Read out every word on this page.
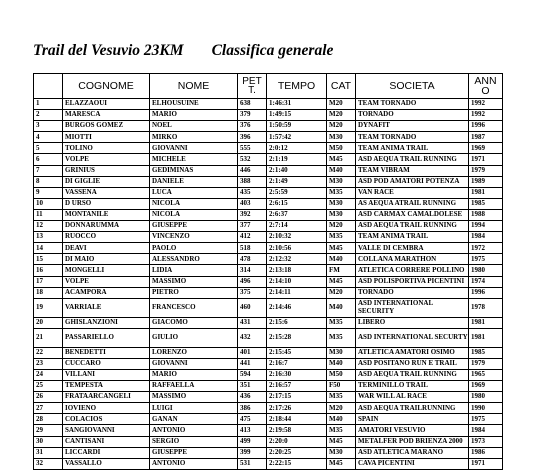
Trail del Vesuvio 23KM Classifica generale
	COGNOME	NOME	PET T.	TEMPO	CAT	SOCIETA	ANN O
1	ELAZZAOUI	ELHOUSUINE	638	1:46:31	M20	TEAM TORNADO	1992
2	MARESCA	MARIO	379	1:49:15	M20	TORNADO	1992
3	BURGOS GOMEZ	NOEL	376	1:50:59	M20	DYNAFIT	1996
4	MIOTTI	MIRKO	396	1:57:42	M30	TEAM TORNADO	1987
5	TOLINO	GIOVANNI	555	2:0:12	M50	TEAM ANIMA TRAIL	1969
6	VOLPE	MICHELE	532	2:1:19	M45	ASD AEQUA TRAIL RUNNING	1971
7	GRINIUS	GEDIMINAS	446	2:1:40	M40	TEAM VIBRAM	1979
8	DI GIGLIE	DANIELE	388	2:1:49	M30	ASD POD AMATORI POTENZA	1989
9	VASSENA	LUCA	435	2:5:59	M35	VAN RACE	1981
10	D URSO	NICOLA	403	2:6:15	M30	AS AEQUA ATRAIL RUNNING	1985
11	MONTANILE	NICOLA	392	2:6:37	M30	ASD CARMAX CAMALDOLESE	1988
12	DONNARUMMA	GIUSEPPE	377	2:7:14	M20	ASD AEQUA TRAIL RUNNING	1994
13	RUOCCO	VINCENZO	412	2:10:32	M35	TEAM ANIMA TRAIL	1984
14	DEAVI	PAOLO	518	2:10:56	M45	VALLE DI CEMBRA	1972
15	DI MAIO	ALESSANDRO	478	2:12:32	M40	COLLANA MARATHON	1975
16	MONGELLI	LIDIA	314	2:13:18	FM	ATLETICA CORRERE POLLINO	1980
17	VOLPE	MASSIMO	496	2:14:10	M45	ASD POLISPORTIVA PICENTINI	1974
18	ACAMPORA	PIETRO	375	2:14:11	M20	TORNADO	1996
19	VARRIALE	FRANCESCO	460	2:14:46	M40	ASD INTERNATIONAL SECURITY	1978
20	GHISLANZIONI	GIACOMO	431	2:15:6	M35	LIBERO	1981
21	PASSARIELLO	GIULIO	432	2:15:28	M35	ASD INTERNATIONAL SECURTY	1981
22	BENEDETTI	LORENZO	401	2:15:45	M30	ATLETICA AMATORI OSIMO	1985
23	CUCCARO	GIOVANNI	441	2:16:7	M40	ASD POSITANO RUN E TRAIL	1979
24	VILLANI	MARIO	594	2:16:30	M50	ASD AEQUA TRAIL RUNNING	1965
25	TEMPESTA	RAFFAELLA	351	2:16:57	F50	TERMINILLO TRAIL	1969
26	FRATAARCANGELI	MASSIMO	436	2:17:15	M35	WAR WILL AL RACE	1980
27	IOVIENO	LUIGI	386	2:17:26	M20	ASD AEQUA TRAILRUNNING	1990
28	COLACIOS	GANAN	475	2:18:44	M40	SPAIN	1975
29	SANGIOVANNI	ANTONIO	413	2:19:58	M35	AMATORI VESUVIO	1984
30	CANTISANI	SERGIO	499	2:20:0	M45	METALFER POD BRIENZA 2000	1973
31	LICCARDI	GIUSEPPE	399	2:20:25	M30	ASD ATLETICA MARANO	1986
32	VASSALLO	ANTONIO	531	2:22:15	M45	CAVA PICENTINI	1971
